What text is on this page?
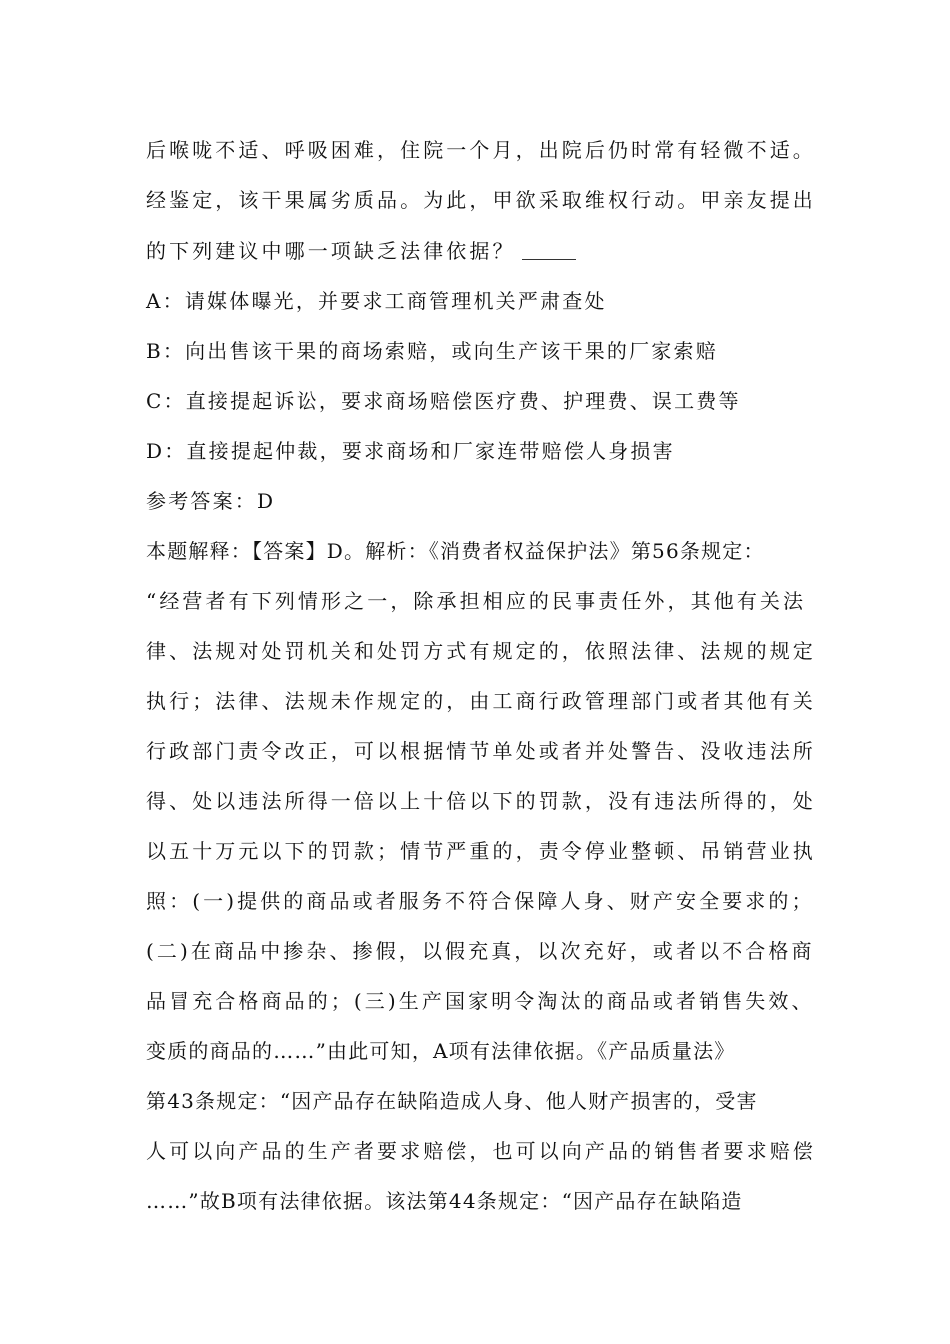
后喉咙不适、呼吸困难，住院一个月，出院后仍时常有轻微不适。
经鉴定，该干果属劣质品。为此，甲欲采取维权行动。甲亲友提出
的下列建议中哪一项缺乏法律依据？
A：请媒体曝光，并要求工商管理机关严肃查处
B：向出售该干果的商场索赔，或向生产该干果的厂家索赔
C：直接提起诉讼，要求商场赔偿医疗费、护理费、误工费等
D：直接提起仲裁，要求商场和厂家连带赔偿人身损害
参考答案：D
本题解释：【答案】D。解析：《消费者权益保护法》第56条规定：
“经营者有下列情形之一，除承担相应的民事责任外，其他有关法
律、法规对处罚机关和处罚方式有规定的，依照法律、法规的规定
执行；法律、法规未作规定的，由工商行政管理部门或者其他有关
行政部门责令改正，可以根据情节单处或者并处警告、没收违法所
得、处以违法所得一倍以上十倍以下的罚款，没有违法所得的，处
以五十万元以下的罚款；情节严重的，责令停业整顿、吊销营业执
照：(一)提供的商品或者服务不符合保障人身、财产安全要求的；
(二)在商品中掺杂、掺假，以假充真，以次充好，或者以不合格商
品冒充合格商品的；(三)生产国家明令淘汰的商品或者销售失效、
变质的商品的……”由此可知，A项有法律依据。《产品质量法》
第43条规定：“因产品存在缺陷造成人身、他人财产损害的，受害
人可以向产品的生产者要求赔偿，也可以向产品的销售者要求赔偿
……”故B项有法律依据。该法第44条规定：“因产品存在缺陷造
